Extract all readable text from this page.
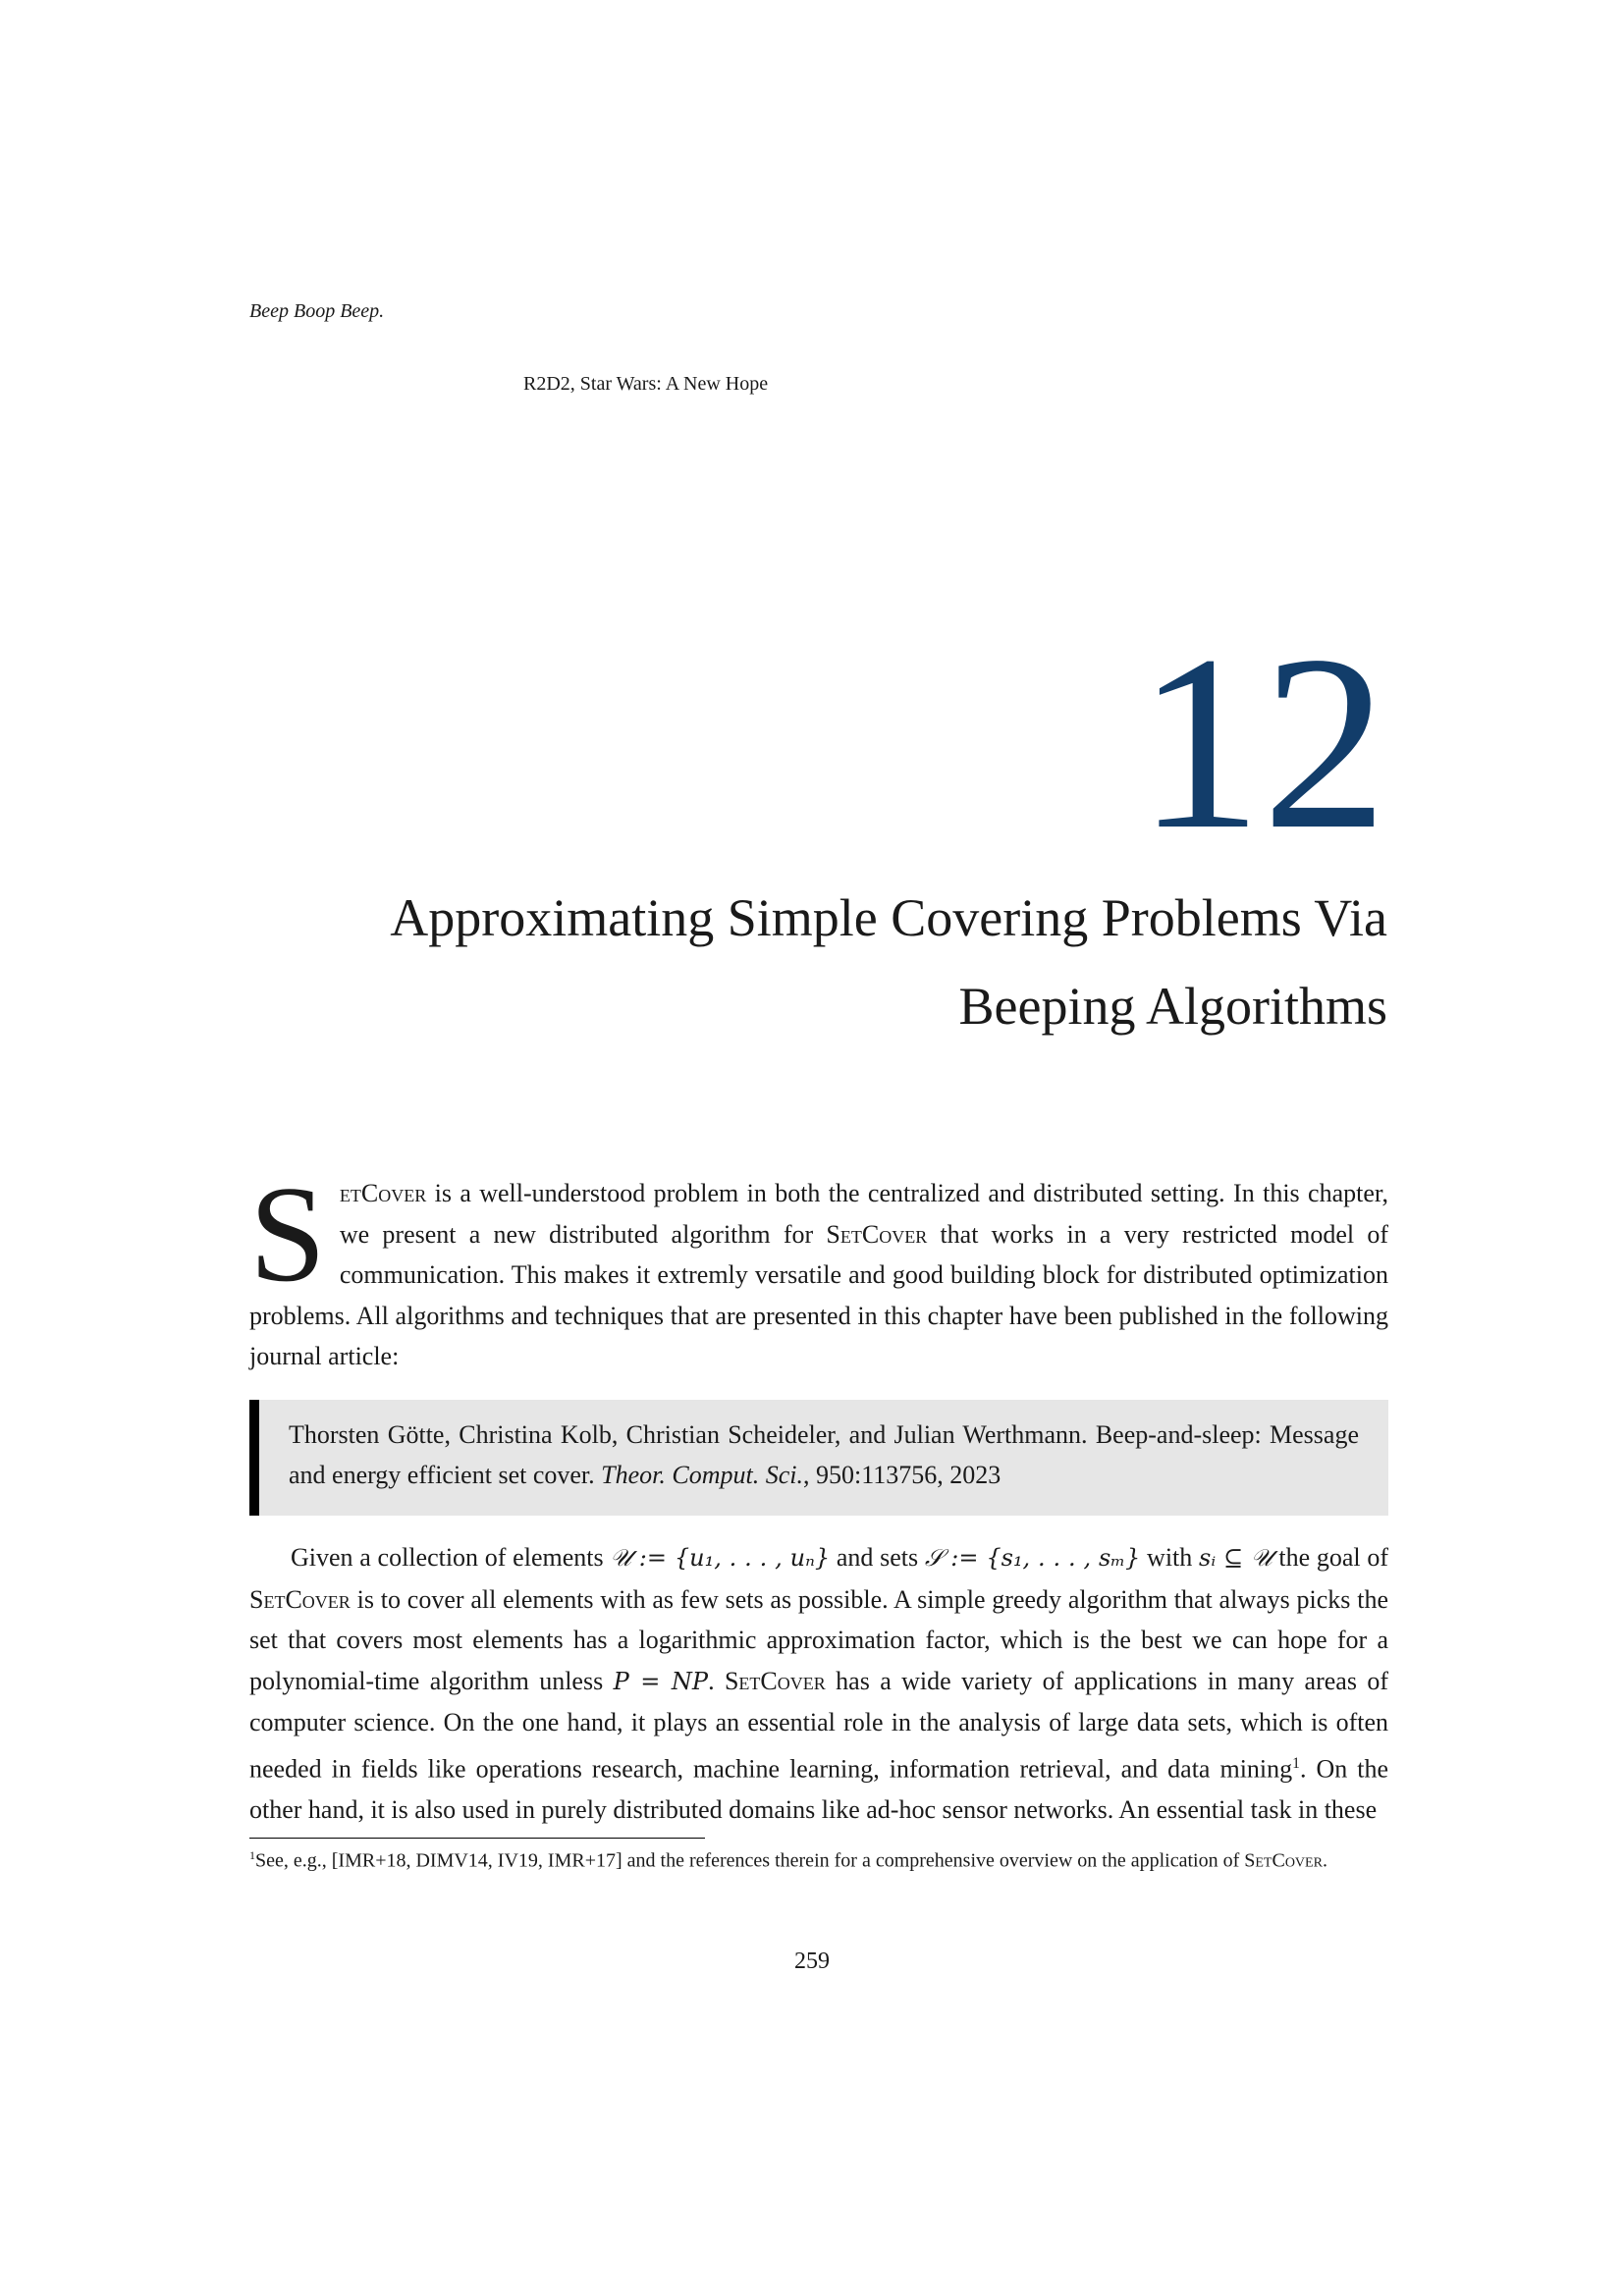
Beep Boop Beep.
R2D2, Star Wars: A New Hope
12
Approximating Simple Covering Problems Via
Beeping Algorithms
SetCover is a well-understood problem in both the centralized and distributed setting. In this chapter, we present a new distributed algorithm for SetCover that works in a very restricted model of communication. This makes it extremly versatile and good building block for distributed optimization problems. All algorithms and techniques that are presented in this chapter have been published in the following journal article:
Thorsten Götte, Christina Kolb, Christian Scheideler, and Julian Werthmann. Beep-and-sleep: Message and energy efficient set cover. Theor. Comput. Sci., 950:113756, 2023
Given a collection of elements 𝒰 := {u₁, . . . , uₙ} and sets 𝒮 := {s₁, . . . , sₘ} with sᵢ ⊆ 𝒰 the goal of SetCover is to cover all elements with as few sets as possible. A simple greedy algorithm that always picks the set that covers most elements has a logarithmic approximation factor, which is the best we can hope for a polynomial-time algorithm unless P = NP. SetCover has a wide variety of applications in many areas of computer science. On the one hand, it plays an essential role in the analysis of large data sets, which is often needed in fields like operations research, machine learning, information retrieval, and data mining$^1$. On the other hand, it is also used in purely distributed domains like ad-hoc sensor networks. An essential task in these
$^1$See, e.g., [IMR+18, DIMV14, IV19, IMR+17] and the references therein for a comprehensive overview on the application of SetCover.
259
